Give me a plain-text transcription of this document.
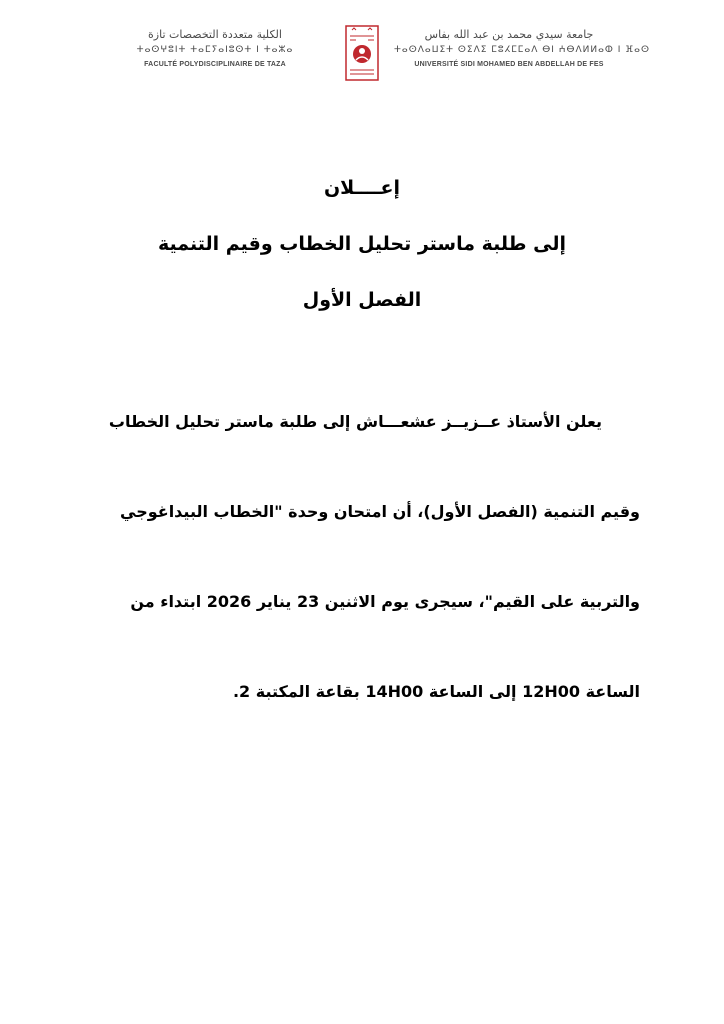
الكلية متعددة التخصصات تازة
ⵜⴰⵙⵖⵓⵏⵜ ⵜⴰⵎⵢⴰⵏⵓⵙⵜ ⵏ ⵜⴰⵣⴰ
FACULTÉ POLYDISCIPLINAIRE DE TAZA
جامعة سيدي محمد بن عبد الله بفاس
ⵜⴰⵙⴷⴰⵡⵉⵜ ⵙⵉⴷⵉ ⵎⵓⵃⵎⵎⴰⴷ ⴱⵏ ⵄⴱⴷⵍⵍⴰⵀ ⵏ ⴼⴰⵙ
UNIVERSITÉ SIDI MOHAMED BEN ABDELLAH DE FES
إعــــلان
إلى طلبة ماستر تحليل الخطاب وقيم التنمية
الفصل الأول
يعلن الأستاذ عــزيــز عشعـــاش إلى طلبة ماستر تحليل الخطاب
وقيم التنمية (الفصل الأول)، أن امتحان وحدة "الخطاب البيداغوجي
والتربية على القيم"، سيجرى يوم الاثنين 23 يناير 2026 ابتداء من
الساعة 12H00 إلى الساعة 14H00 بقاعة المكتبة 2.
